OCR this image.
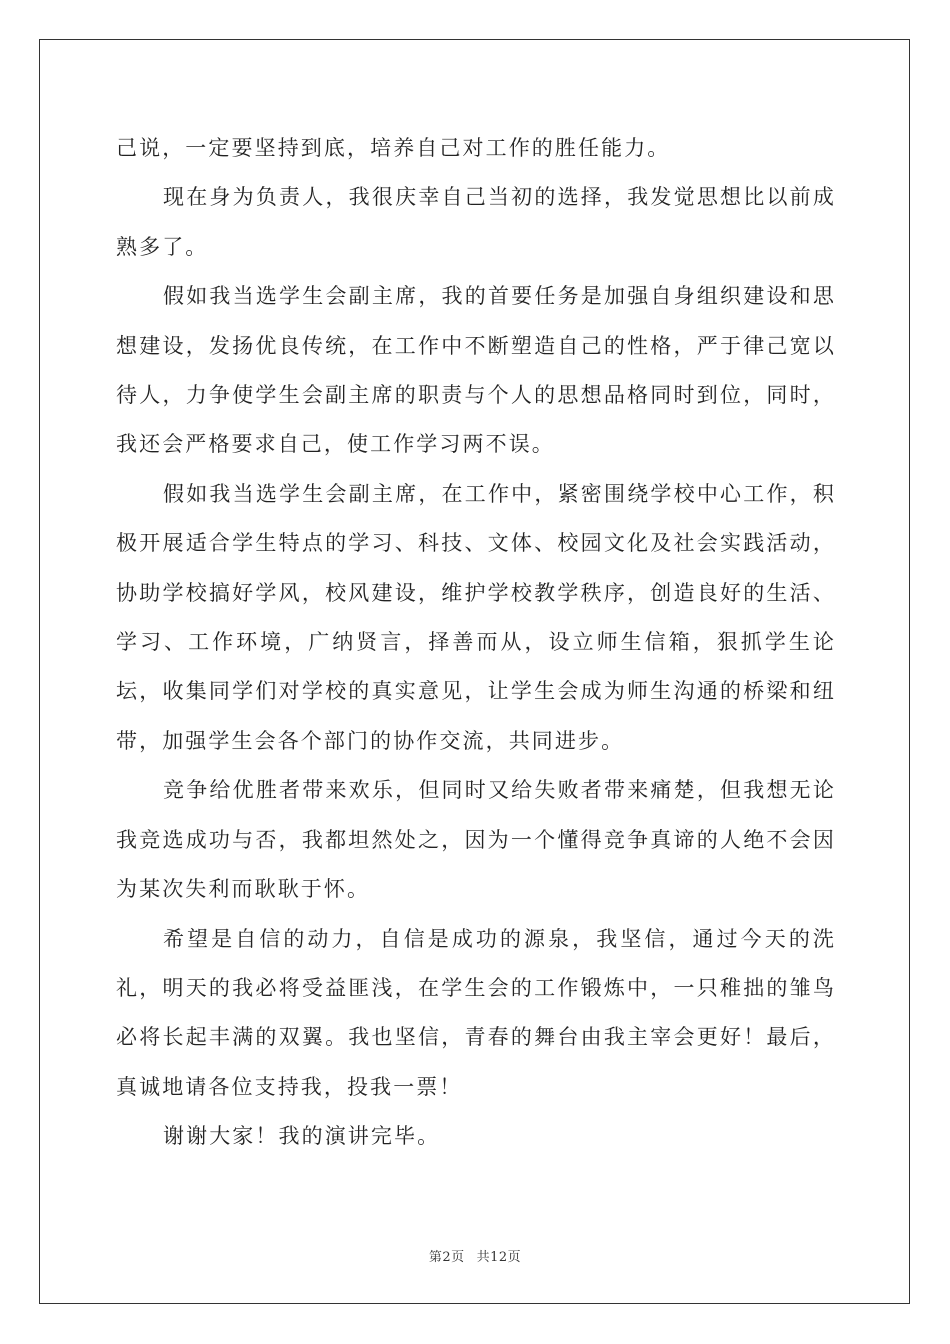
己说，一定要坚持到底，培养自己对工作的胜任能力。

现在身为负责人，我很庆幸自己当初的选择，我发觉思想比以前成熟多了。

假如我当选学生会副主席，我的首要任务是加强自身组织建设和思想建设，发扬优良传统，在工作中不断塑造自己的性格，严于律己宽以待人，力争使学生会副主席的职责与个人的思想品格同时到位，同时，我还会严格要求自己，使工作学习两不误。

假如我当选学生会副主席，在工作中，紧密围绕学校中心工作，积极开展适合学生特点的学习、科技、文体、校园文化及社会实践活动，协助学校搞好学风，校风建设，维护学校教学秩序，创造良好的生活、学习、工作环境，广纳贤言，择善而从，设立师生信箱，狠抓学生论坛，收集同学们对学校的真实意见，让学生会成为师生沟通的桥梁和纽带，加强学生会各个部门的协作交流，共同进步。

竞争给优胜者带来欢乐，但同时又给失败者带来痛楚，但我想无论我竞选成功与否，我都坦然处之，因为一个懂得竞争真谛的人绝不会因为某次失利而耿耿于怀。

希望是自信的动力，自信是成功的源泉，我坚信，通过今天的洗礼，明天的我必将受益匪浅，在学生会的工作锻炼中，一只稚拙的雏鸟必将长起丰满的双翼。我也坚信，青春的舞台由我主宰会更好！最后，真诚地请各位支持我，投我一票！

谢谢大家！我的演讲完毕。

第2页 共12页
